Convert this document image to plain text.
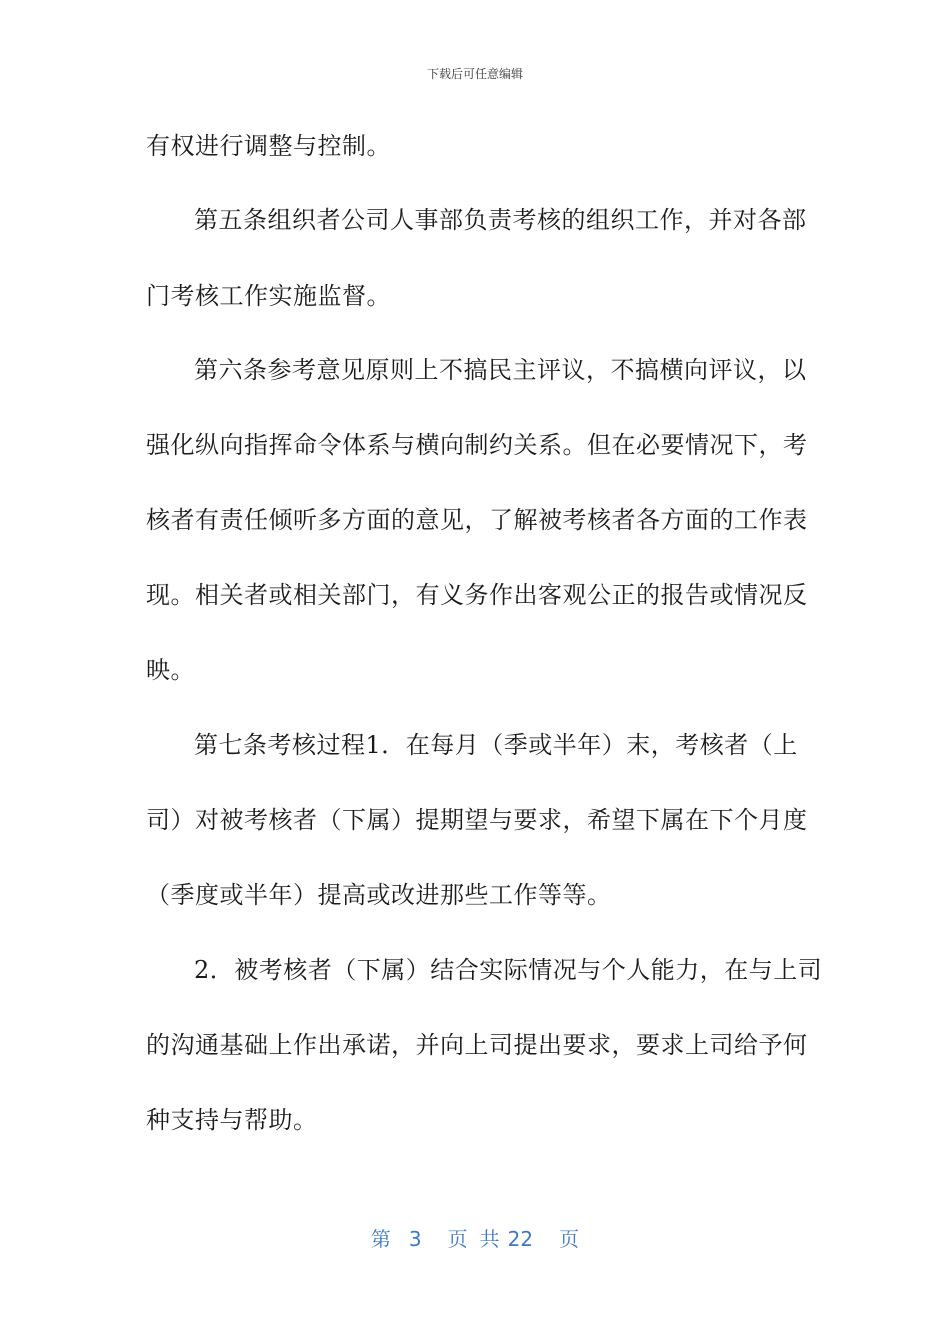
下载后可任意编辑
有权进行调整与控制。
第五条组织者公司人事部负责考核的组织工作，并对各部
门考核工作实施监督。
第六条参考意见原则上不搞民主评议，不搞横向评议，以
强化纵向指挥命令体系与横向制约关系。但在必要情况下，考
核者有责任倾听多方面的意见，了解被考核者各方面的工作表
现。相关者或相关部门，有义务作出客观公正的报告或情况反
映。
第七条考核过程1．在每月（季或半年）末，考核者（上
司）对被考核者（下属）提期望与要求，希望下属在下个月度
（季度或半年）提高或改进那些工作等等。
2．被考核者（下属）结合实际情况与个人能力，在与上司
的沟通基础上作出承诺，并向上司提出要求，要求上司给予何
种支持与帮助。
第 3 页 共 22 页
